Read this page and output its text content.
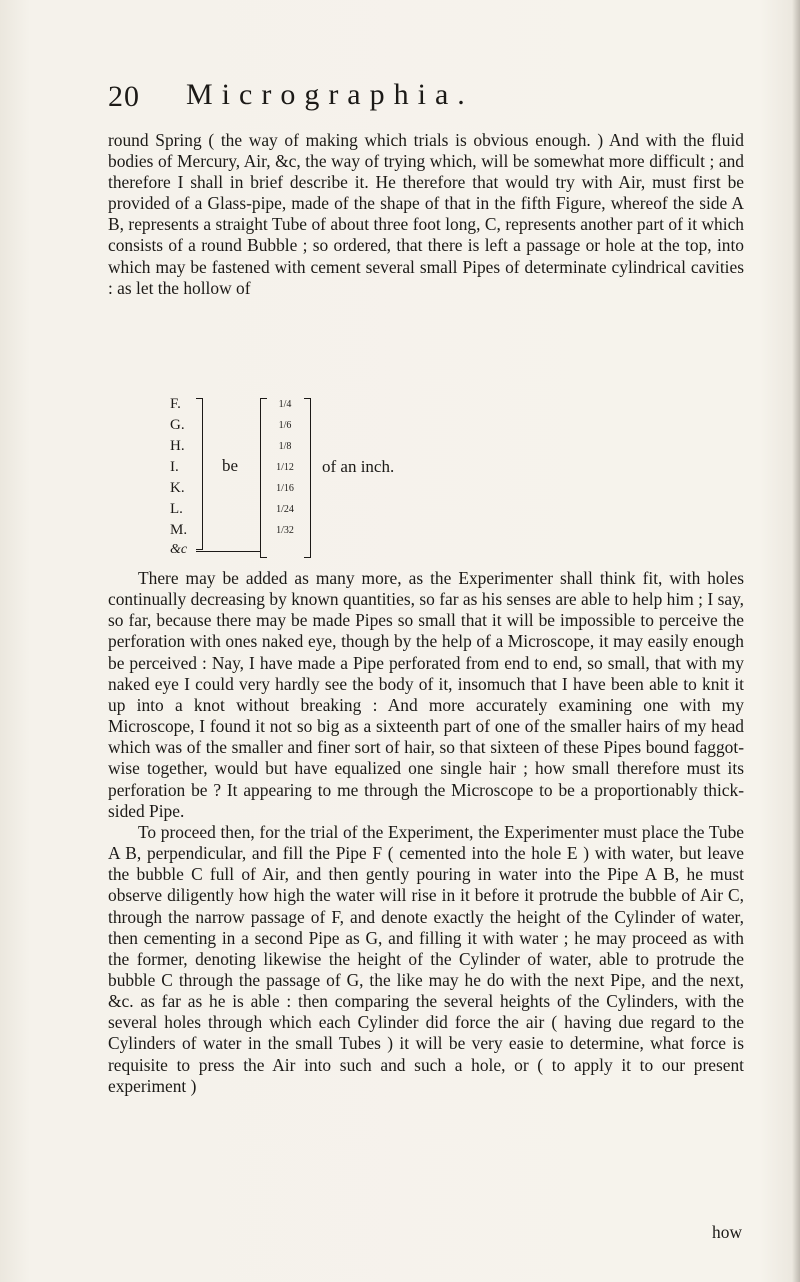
20 Micrographia.

round Spring ( the way of making which trials is obvious enough. ) And with the fluid bodies of Mercury, Air, &c, the way of trying which, will be somewhat more difficult ; and therefore I shall in brief describe it. He therefore that would try with Air, must first be provided of a Glass-pipe, made of the shape of that in the fifth Figure, whereof the side A B, represents a straight Tube of about three foot long, C, represents another part of it which consists of a round Bubble ; so ordered, that there is left a passage or hole at the top, into which may be fastened with cement several small Pipes of determinate cylindrical cavities : as let the hollow of

F.
G.
H.
I.
K.
L.
M.
be
1/4
1/6
1/8
1/12
1/16
1/24
1/32
of an inch.
&c

There may be added as many more, as the Experimenter shall think fit, with holes continually decreasing by known quantities, so far as his senses are able to help him ; I say, so far, because there may be made Pipes so small that it will be impossible to perceive the perforation with ones naked eye, though by the help of a Microscope, it may easily enough be perceived : Nay, I have made a Pipe perforated from end to end, so small, that with my naked eye I could very hardly see the body of it, insomuch that I have been able to knit it up into a knot without breaking : And more accurately examining one with my Microscope, I found it not so big as a sixteenth part of one of the smaller hairs of my head which was of the smaller and finer sort of hair, so that sixteen of these Pipes bound faggot-wise together, would but have equalized one single hair ; how small therefore must its perforation be ? It appearing to me through the Microscope to be a proportionably thick-sided Pipe.

To proceed then, for the trial of the Experiment, the Experimenter must place the Tube A B, perpendicular, and fill the Pipe F ( cemented into the hole E ) with water, but leave the bubble C full of Air, and then gently pouring in water into the Pipe A B, he must observe diligently how high the water will rise in it before it protrude the bubble of Air C, through the narrow passage of F, and denote exactly the height of the Cylinder of water, then cementing in a second Pipe as G, and filling it with water ; he may proceed as with the former, denoting likewise the height of the Cylinder of water, able to protrude the bubble C through the passage of G, the like may he do with the next Pipe, and the next, &c. as far as he is able : then comparing the several heights of the Cylinders, with the several holes through which each Cylinder did force the air ( having due regard to the Cylinders of water in the small Tubes ) it will be very easie to determine, what force is requisite to press the Air into such and such a hole, or ( to apply it to our present experiment )

how
